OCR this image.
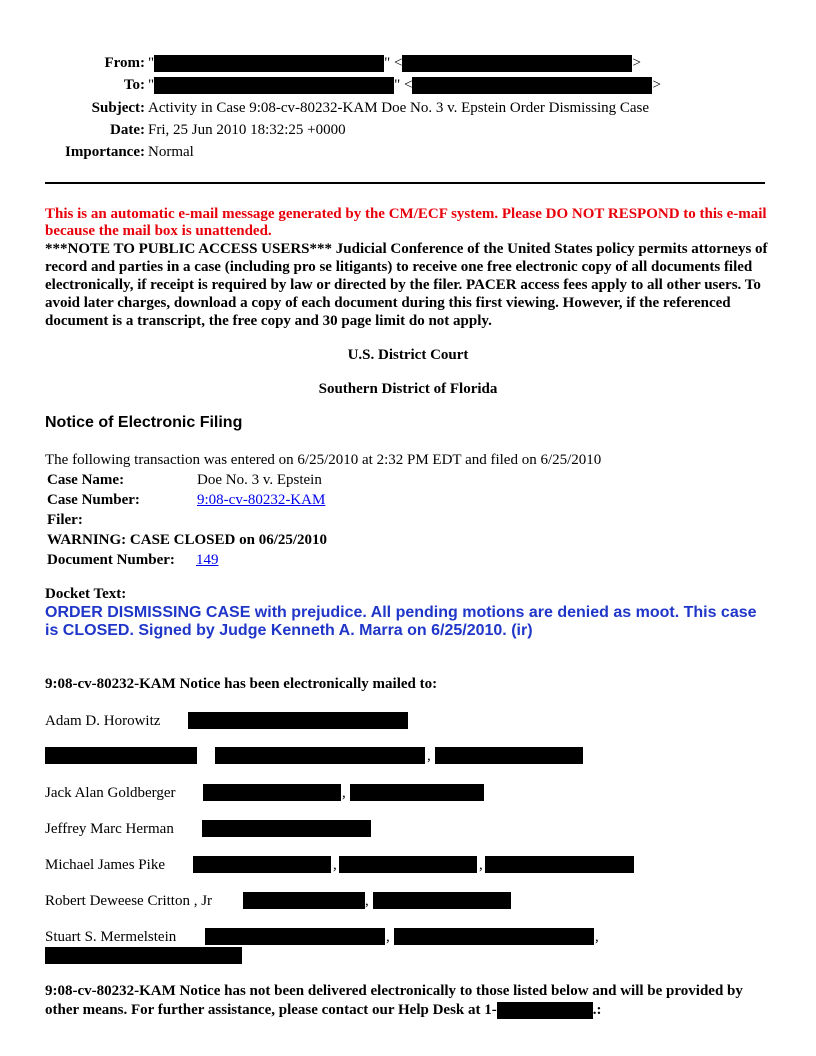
From: "	" <	>
To: "	" <	>
Subject: Activity in Case 9:08-cv-80232-KAM Doe No. 3 v. Epstein Order Dismissing Case
Date: Fri, 25 Jun 2010 18:32:25 +0000
Importance: Normal
This is an automatic e-mail message generated by the CM/ECF system. Please DO NOT RESPOND to this e-mail because the mail box is unattended.
***NOTE TO PUBLIC ACCESS USERS*** Judicial Conference of the United States policy permits attorneys of record and parties in a case (including pro se litigants) to receive one free electronic copy of all documents filed electronically, if receipt is required by law or directed by the filer. PACER access fees apply to all other users. To avoid later charges, download a copy of each document during this first viewing. However, if the referenced document is a transcript, the free copy and 30 page limit do not apply.
U.S. District Court
Southern District of Florida
Notice of Electronic Filing
The following transaction was entered on 6/25/2010 at 2:32 PM EDT and filed on 6/25/2010
Case Name:	Doe No. 3 v. Epstein
Case Number:	9:08-cv-80232-KAM
Filer:
WARNING: CASE CLOSED on 06/25/2010
Document Number: 149
Docket Text:
ORDER DISMISSING CASE with prejudice. All pending motions are denied as moot. This case is CLOSED. Signed by Judge Kenneth A. Marra on 6/25/2010. (ir)
9:08-cv-80232-KAM Notice has been electronically mailed to:
Adam D. Horowitz
,
Jack Alan Goldberger	,
Jeffrey Marc Herman
Michael James Pike	,	,
Robert Deweese Critton , Jr	,
Stuart S. Mermelstein	,	,
9:08-cv-80232-KAM Notice has not been delivered electronically to those listed below and will be provided by other means. For further assistance, please contact our Help Desk at 1-	.:
